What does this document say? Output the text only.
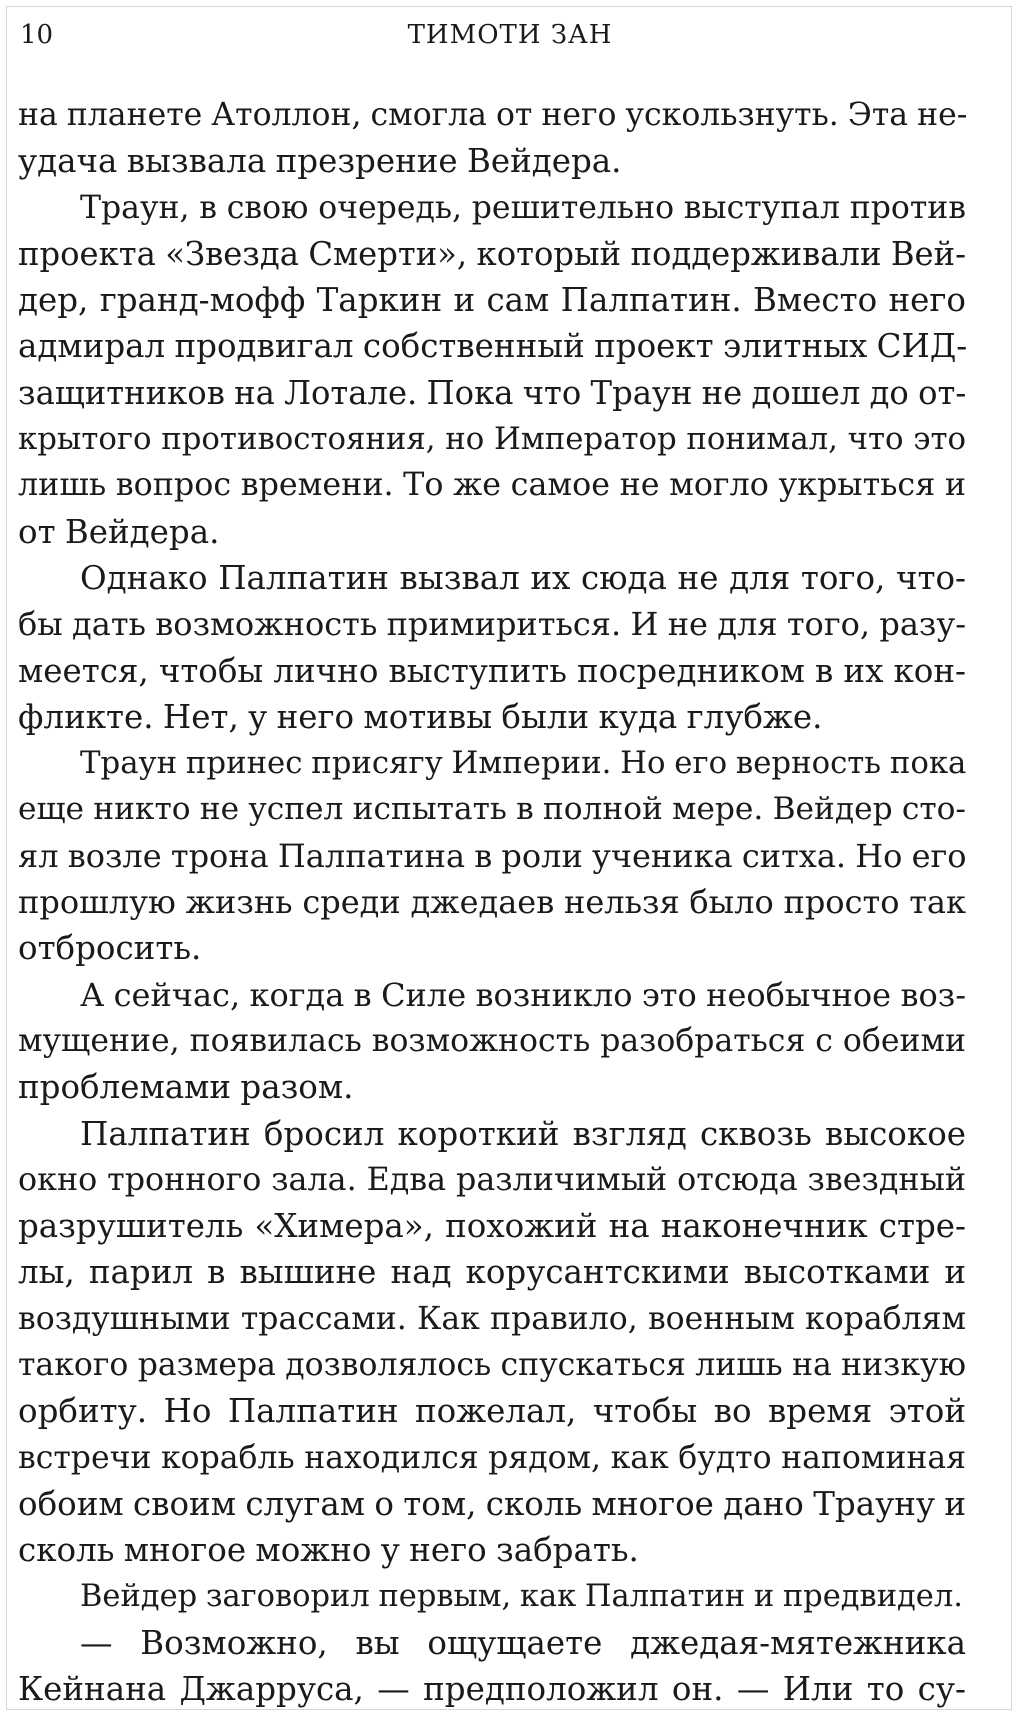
10	ТИМОТИ ЗАН
на планете Атоллон, смогла от него ускользнуть. Эта не-
удача вызвала презрение Вейдера.
Траун, в свою очередь, решительно выступал против
проекта «Звезда Смерти», который поддерживали Вей-
дер, гранд-мофф Таркин и сам Палпатин. Вместо него
адмирал продвигал собственный проект элитных СИД-
защитников на Лотале. Пока что Траун не дошел до от-
крытого противостояния, но Император понимал, что это
лишь вопрос времени. То же самое не могло укрыться и
от Вейдера.
Однако Палпатин вызвал их сюда не для того, что-
бы дать возможность примириться. И не для того, разу-
меется, чтобы лично выступить посредником в их кон-
фликте. Нет, у него мотивы были куда глубже.
Траун принес присягу Империи. Но его верность пока
еще никто не успел испытать в полной мере. Вейдер сто-
ял возле трона Палпатина в роли ученика ситха. Но его
прошлую жизнь среди джедаев нельзя было просто так
отбросить.
А сейчас, когда в Силе возникло это необычное воз-
мущение, появилась возможность разобраться с обеими
проблемами разом.
Палпатин бросил короткий взгляд сквозь высокое
окно тронного зала. Едва различимый отсюда звездный
разрушитель «Химера», похожий на наконечник стре-
лы, парил в вышине над корусантскими высотками и
воздушными трассами. Как правило, военным кораблям
такого размера дозволялось спускаться лишь на низкую
орбиту. Но Палпатин пожелал, чтобы во время этой
встречи корабль находился рядом, как будто напоминая
обоим своим слугам о том, сколь многое дано Трауну и
сколь многое можно у него забрать.
Вейдер заговорил первым, как Палпатин и предвидел.
— Возможно, вы ощущаете джедая-мятежника
Кейнана Джарруса, — предположил он. — Или то су-
